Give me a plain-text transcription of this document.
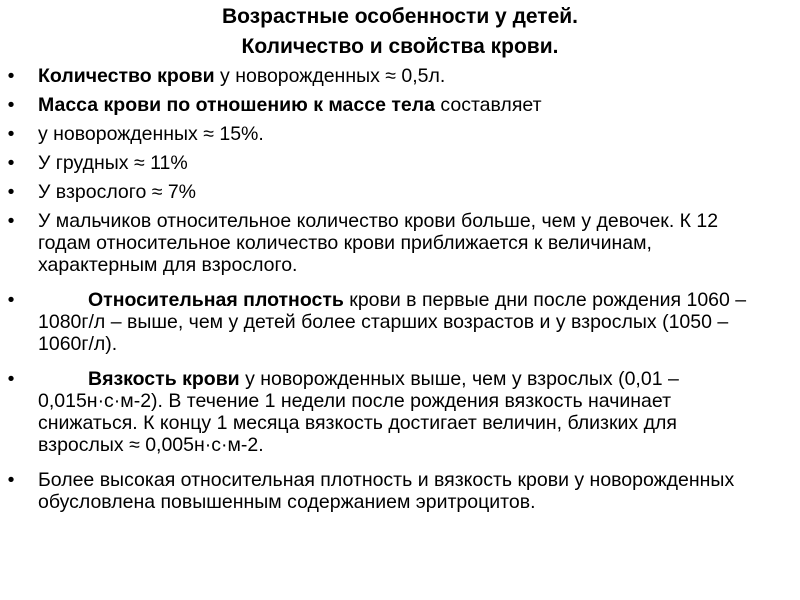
Возрастные особенности у детей.
Количество и свойства крови.
• Количество крови у новорожденных ≈ 0,5л.
• Масса крови по отношению к массе тела составляет
• у новорожденных ≈ 15%.
• У грудных ≈ 11%
• У взрослого ≈ 7%
• У мальчиков относительное количество крови больше, чем у девочек. К 12 годам относительное количество крови приближается к величинам, характерным для взрослого.
•	Относительная плотность крови в первые дни после рождения 1060 – 1080г/л – выше, чем у детей более старших возрастов и у взрослых (1050 – 1060г/л).
•	Вязкость крови у новорожденных выше, чем у взрослых (0,01 – 0,015н·с·м-2). В течение 1 недели после рождения вязкость начинает снижаться. К концу 1 месяца вязкость достигает величин, близких для взрослых ≈ 0,005н·с·м-2.
• Более высокая относительная плотность и вязкость крови у новорожденных обусловлена повышенным содержанием эритроцитов.
